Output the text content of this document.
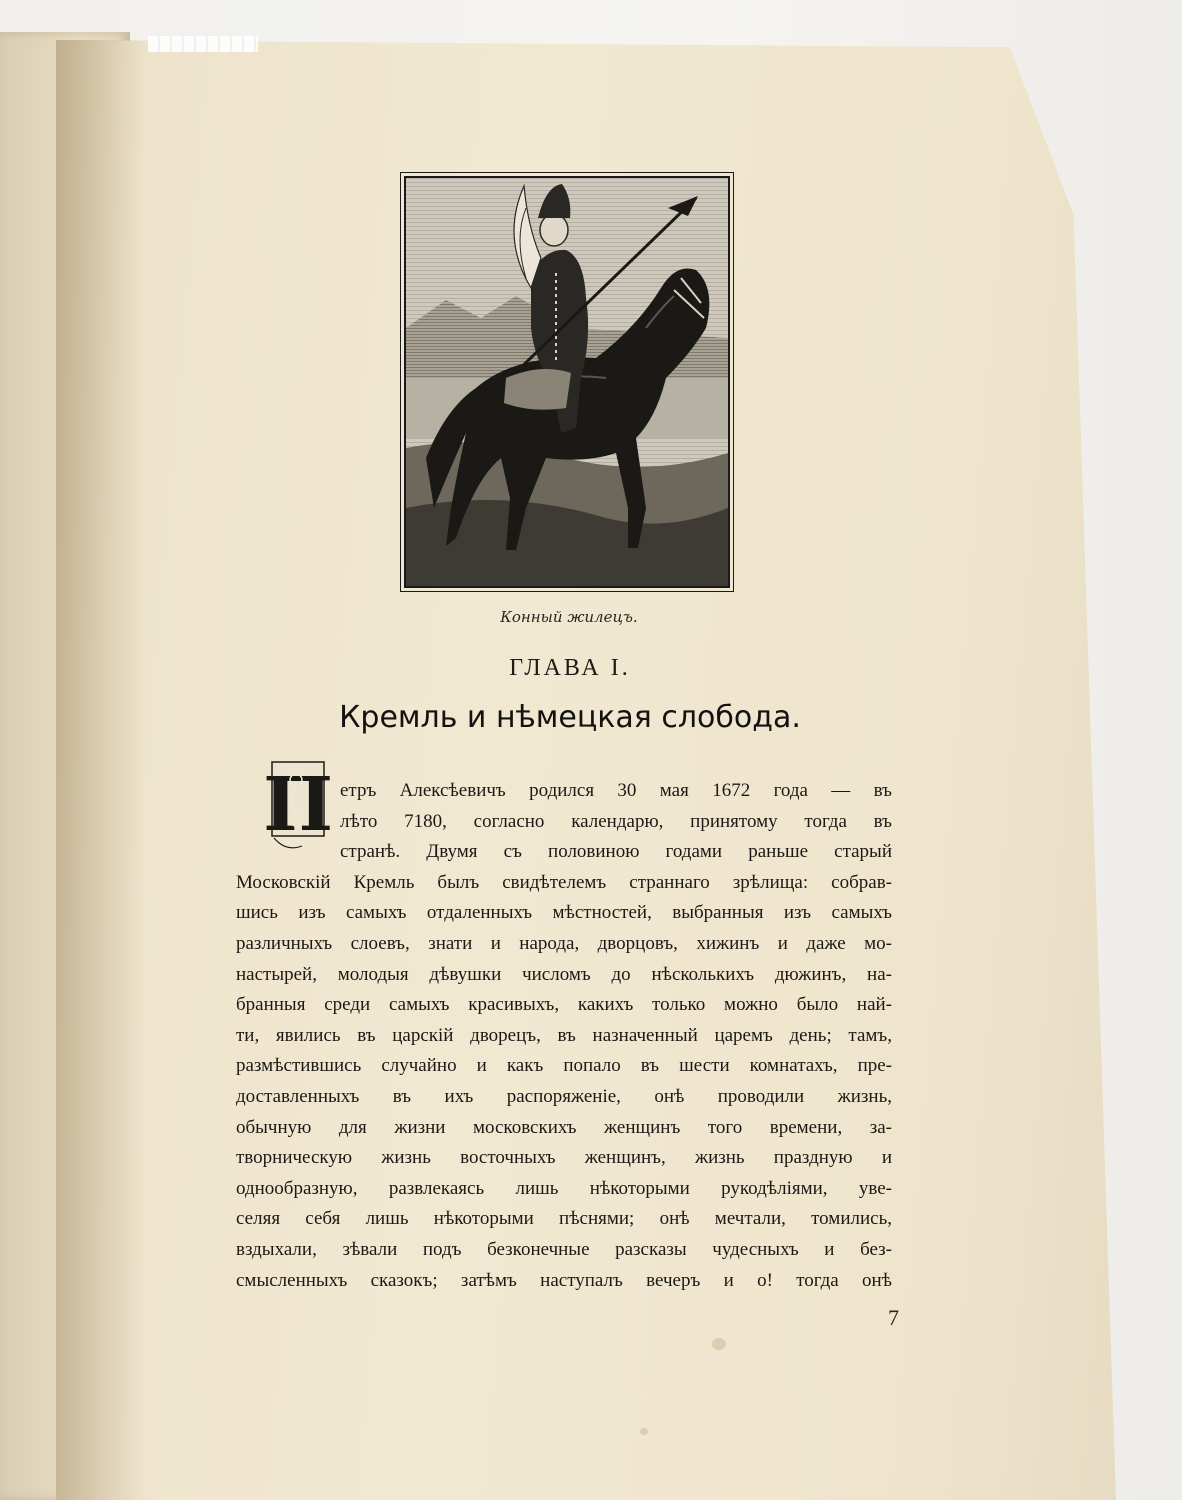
Конный жилецъ.
ГЛАВА I.
Кремль и нѣмецкая слобода.
П етръ Алексѣевичъ родился 30 мая 1672 года — въ
лѣто 7180, согласно календарю, принятому тогда въ
странѣ. Двумя съ половиною годами раньше старый
Московскій Кремль былъ свидѣтелемъ страннаго зрѣлища: собрав-
шись изъ самыхъ отдаленныхъ мѣстностей, выбранныя изъ самыхъ
различныхъ слоевъ, знати и народа, дворцовъ, хижинъ и даже мо-
настырей, молодыя дѣвушки числомъ до нѣсколькихъ дюжинъ, на-
бранныя среди самыхъ красивыхъ, какихъ только можно было най-
ти, явились въ царскій дворецъ, въ назначенный царемъ день; тамъ,
размѣстившись случайно и какъ попало въ шести комнатахъ, пре-
доставленныхъ въ ихъ распоряженіе, онѣ проводили жизнь,
обычную для жизни московскихъ женщинъ того времени, за-
творническую жизнь восточныхъ женщинъ, жизнь праздную и
однообразную, развлекаясь лишь нѣкоторыми рукодѣліями, уве-
селяя себя лишь нѣкоторыми пѣснями; онѣ мечтали, томились,
вздыхали, зѣвали подъ безконечные разсказы чудесныхъ и без-
смысленныхъ сказокъ; затѣмъ наступалъ вечеръ и о! тогда онѣ
7
